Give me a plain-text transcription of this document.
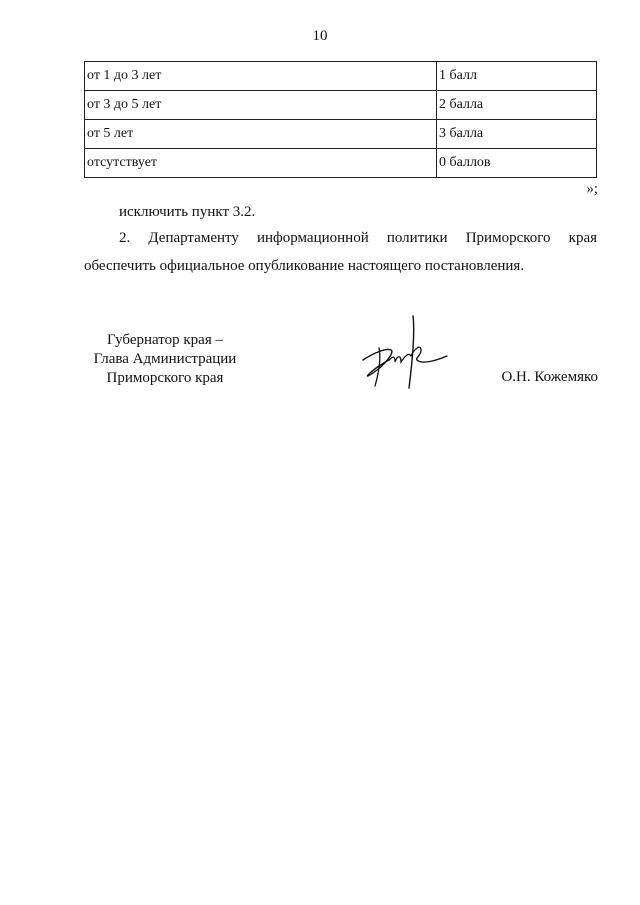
10
от 1 до 3 лет	1 балл
от 3 до 5 лет	2 балла
от 5 лет	3 балла
отсутствует	0 баллов
»;
исключить пункт 3.2.
2. Департаменту информационной политики Приморского края обеспечить официальное опубликование настоящего постановления.
Губернатор края –
Глава Администрации
Приморского края	О.Н. Кожемяко
